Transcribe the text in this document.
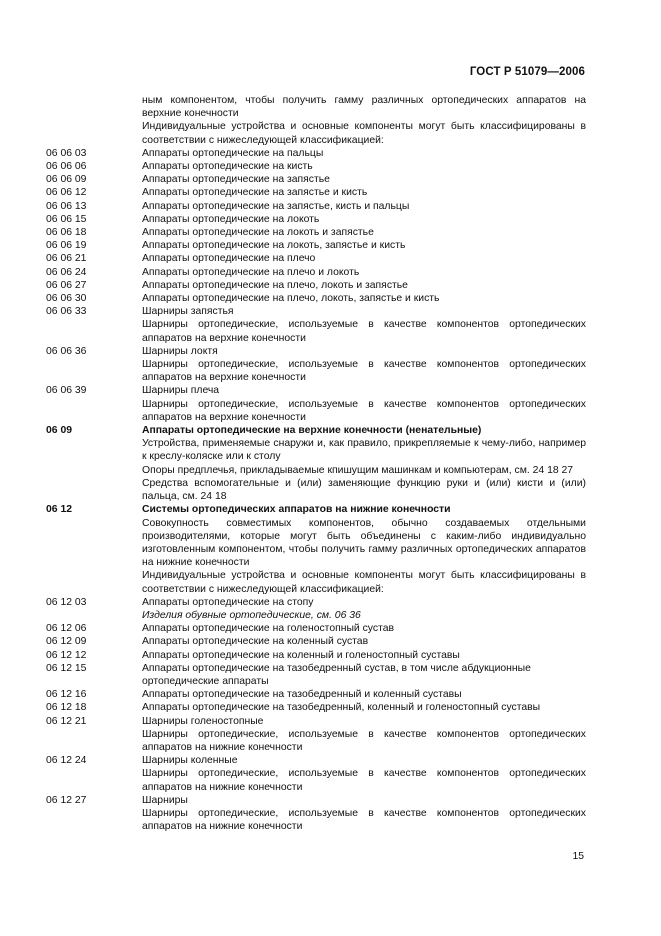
ГОСТ Р 51079—2006
ным компонентом, чтобы получить гамму различных ортопедических аппаратов на верхние конечности
Индивидуальные устройства и основные компоненты могут быть классифицированы в соответствии с нижеследующей классификацией:
06 06 03	Аппараты ортопедические на пальцы
06 06 06	Аппараты ортопедические на кисть
06 06 09	Аппараты ортопедические на запястье
06 06 12	Аппараты ортопедические на запястье и кисть
06 06 13	Аппараты ортопедические на запястье, кисть и пальцы
06 06 15	Аппараты ортопедические на локоть
06 06 18	Аппараты ортопедические на локоть и запястье
06 06 19	Аппараты ортопедические на локоть, запястье и кисть
06 06 21	Аппараты ортопедические на плечо
06 06 24	Аппараты ортопедические на плечо и локоть
06 06 27	Аппараты ортопедические на плечо, локоть и запястье
06 06 30	Аппараты ортопедические на плечо, локоть, запястье и кисть
06 06 33	Шарниры запястья
Шарниры ортопедические, используемые в качестве компонентов ортопедических аппаратов на верхние конечности
06 06 36	Шарниры локтя
Шарниры ортопедические, используемые в качестве компонентов ортопедических аппаратов на верхние конечности
06 06 39	Шарниры плеча
Шарниры ортопедические, используемые в качестве компонентов ортопедических аппаратов на верхние конечности
06 09	Аппараты ортопедические на верхние конечности (ненательные)
Устройства, применяемые снаружи и, как правило, прикрепляемые к чему-либо, например к креслу-коляске или к столу
Опоры предплечья, прикладываемые кпишущим машинкам и компьютерам, см. 24 18 27
Средства вспомогательные и (или) заменяющие функцию руки и (или) кисти и (или) пальца, см. 24 18
06 12	Системы ортопедических аппаратов на нижние конечности
Совокупность совместимых компонентов, обычно создаваемых отдельными производителями, которые могут быть объединены с каким-либо индивидуально изготовленным компонентом, чтобы получить гамму различных ортопедических аппаратов на нижние конечности
Индивидуальные устройства и основные компоненты могут быть классифицированы в соответствии с нижеследующей классификацией:
06 12 03	Аппараты ортопедические на стопу
Изделия обувные ортопедические, см. 06 36
06 12 06	Аппараты ортопедические на голеностопный сустав
06 12 09	Аппараты ортопедические на коленный сустав
06 12 12	Аппараты ортопедические на коленный и голеностопный суставы
06 12 15	Аппараты ортопедические на тазобедренный сустав, в том числе абдукционные ортопедические аппараты
06 12 16	Аппараты ортопедические на тазобедренный и коленный суставы
06 12 18	Аппараты ортопедические на тазобедренный, коленный и голеностопный суставы
06 12 21	Шарниры голеностопные
Шарниры ортопедические, используемые в качестве компонентов ортопедических аппаратов на нижние конечности
06 12 24	Шарниры коленные
Шарниры ортопедические, используемые в качестве компонентов ортопедических аппаратов на нижние конечности
06 12 27	Шарниры
Шарниры ортопедические, используемые в качестве компонентов ортопедических аппаратов на нижние конечности
15
